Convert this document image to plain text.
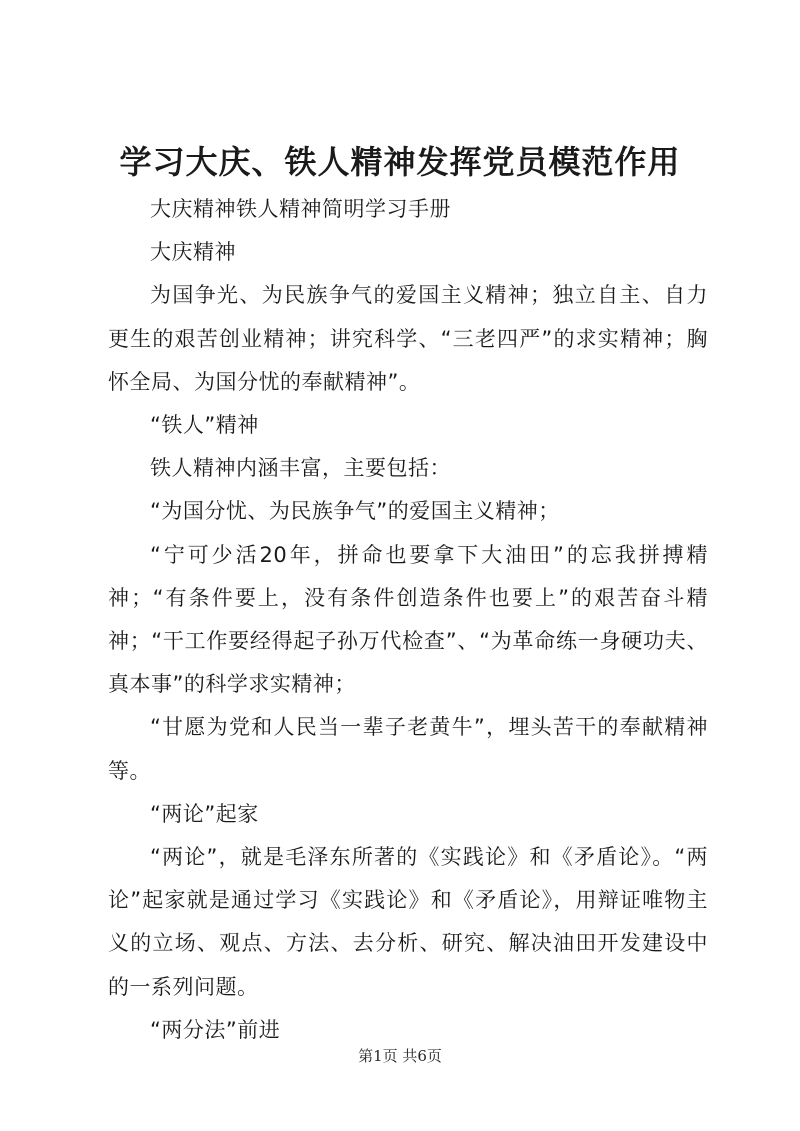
学习大庆、铁人精神发挥党员模范作用

大庆精神铁人精神简明学习手册

大庆精神

为国争光、为民族争气的爱国主义精神；独立自主、自力更生的艰苦创业精神；讲究科学、“三老四严”的求实精神；胸怀全局、为国分忧的奉献精神”。

“铁人”精神

铁人精神内涵丰富，主要包括：

“为国分忧、为民族争气”的爱国主义精神；

“宁可少活20年，拼命也要拿下大油田”的忘我拼搏精神；“有条件要上，没有条件创造条件也要上”的艰苦奋斗精神；“干工作要经得起子孙万代检查”、“为革命练一身硬功夫、真本事”的科学求实精神；

“甘愿为党和人民当一辈子老黄牛”，埋头苦干的奉献精神等。

“两论”起家

“两论”，就是毛泽东所著的《实践论》和《矛盾论》。“两论”起家就是通过学习《实践论》和《矛盾论》，用辩证唯物主义的立场、观点、方法、去分析、研究、解决油田开发建设中的一系列问题。

“两分法”前进

第1页 共6页
